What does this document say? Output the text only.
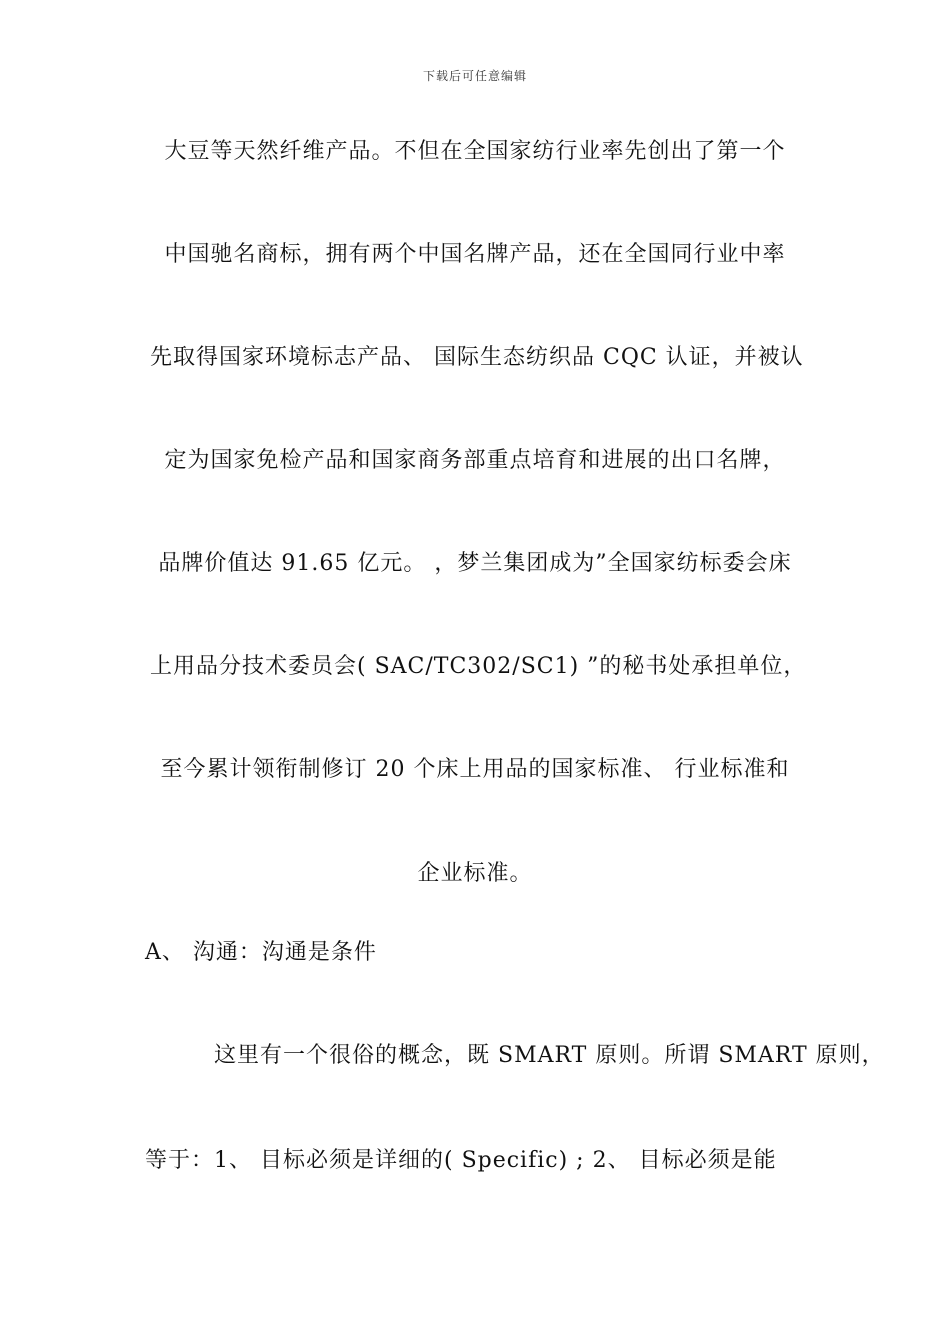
下载后可任意编辑
大豆等天然纤维产品。不但在全国家纺行业率先创出了第一个
中国驰名商标，拥有两个中国名牌产品，还在全国同行业中率
先取得国家环境标志产品、 国际生态纺织品 CQC 认证，并被认
定为国家免检产品和国家商务部重点培育和进展的出口名牌，
品牌价值达 91.65 亿元。 ，梦兰集团成为”全国家纺标委会床
上用品分技术委员会( SAC/TC302/SC1) ”的秘书处承担单位，
至今累计领衔制修订 20 个床上用品的国家标准、 行业标准和
企业标准。
A、 沟通：沟通是条件
这里有一个很俗的概念，既 SMART 原则。所谓 SMART 原则，
等于：1、 目标必须是详细的( Specific) ; 2、 目标必须是能
